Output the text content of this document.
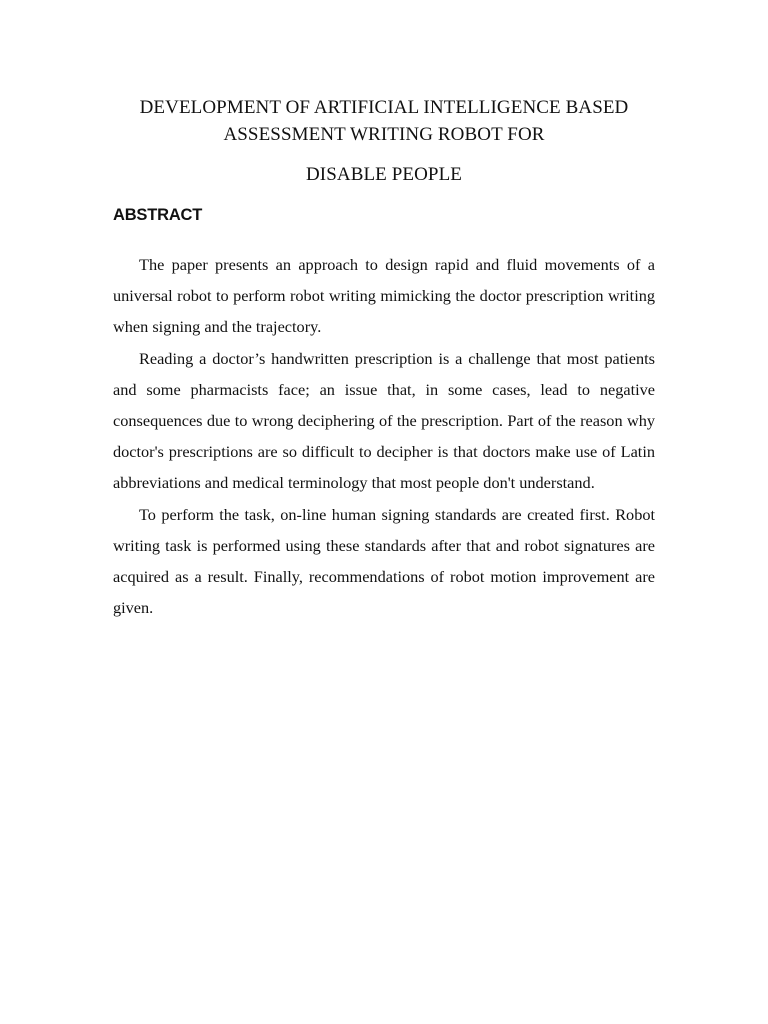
DEVELOPMENT OF ARTIFICIAL INTELLIGENCE BASED ASSESSMENT WRITING ROBOT FOR
DISABLE PEOPLE
ABSTRACT

The paper presents an approach to design rapid and fluid movements of a universal robot to perform robot writing mimicking the doctor prescription writing when signing and the trajectory.

Reading a doctor’s handwritten prescription is a challenge that most patients and some pharmacists face; an issue that, in some cases, lead to negative consequences due to wrong deciphering of the prescription. Part of the reason why doctor's prescriptions are so difficult to decipher is that doctors make use of Latin abbreviations and medical terminology that most people don't understand.

To perform the task, on-line human signing standards are created first. Robot writing task is performed using these standards after that and robot signatures are acquired as a result. Finally, recommendations of robot motion improvement are given.
